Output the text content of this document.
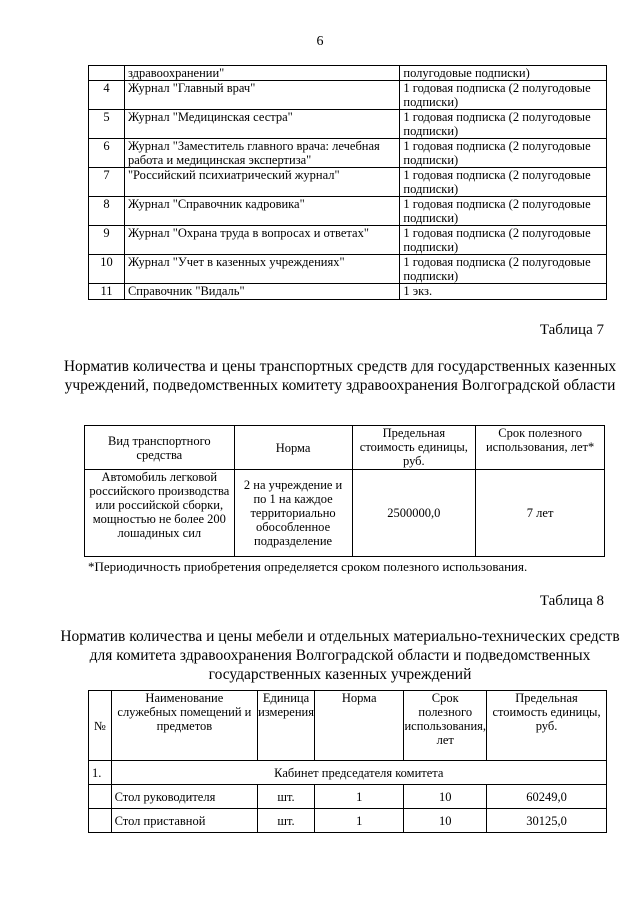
6
	здравоохранении"	полугодовые подписки)
4	Журнал "Главный врач"	1 годовая подписка (2 полугодовые подписки)
5	Журнал "Медицинская сестра"	1 годовая подписка (2 полугодовые подписки)
6	Журнал "Заместитель главного врача: лечебная работа и медицинская экспертиза"	1 годовая подписка (2 полугодовые подписки)
7	"Российский психиатрический журнал"	1 годовая подписка (2 полугодовые подписки)
8	Журнал "Справочник кадровика"	1 годовая подписка (2 полугодовые подписки)
9	Журнал "Охрана труда в вопросах и ответах"	1 годовая подписка (2 полугодовые подписки)
10	Журнал "Учет в казенных учреждениях"	1 годовая подписка (2 полугодовые подписки)
11	Справочник "Видаль"	1 экз.
Таблица 7
Норматив количества и цены транспортных средств для государственных казенных учреждений, подведомственных комитету здравоохранения Волгоградской области
Вид транспортного средства	Норма	Предельная стоимость единицы, руб.	Срок полезного использования, лет*
Автомобиль легковой российского производства или российской сборки, мощностью не более 200 лошадиных сил	2 на учреждение и по 1 на каждое территориально обособленное подразделение	2500000,0	7 лет
*Периодичность приобретения определяется сроком полезного использования.
Таблица 8
Норматив количества и цены мебели и отдельных материально-технических средств для комитета здравоохранения Волгоградской области и подведомственных государственных казенных учреждений
№	Наименование служебных помещений и предметов	Единица измерения	Норма	Срок полезного использования, лет	Предельная стоимость единицы, руб.
1.	Кабинет председателя комитета				
	Стол руководителя	шт.	1	10	60249,0
	Стол приставной	шт.	1	10	30125,0
